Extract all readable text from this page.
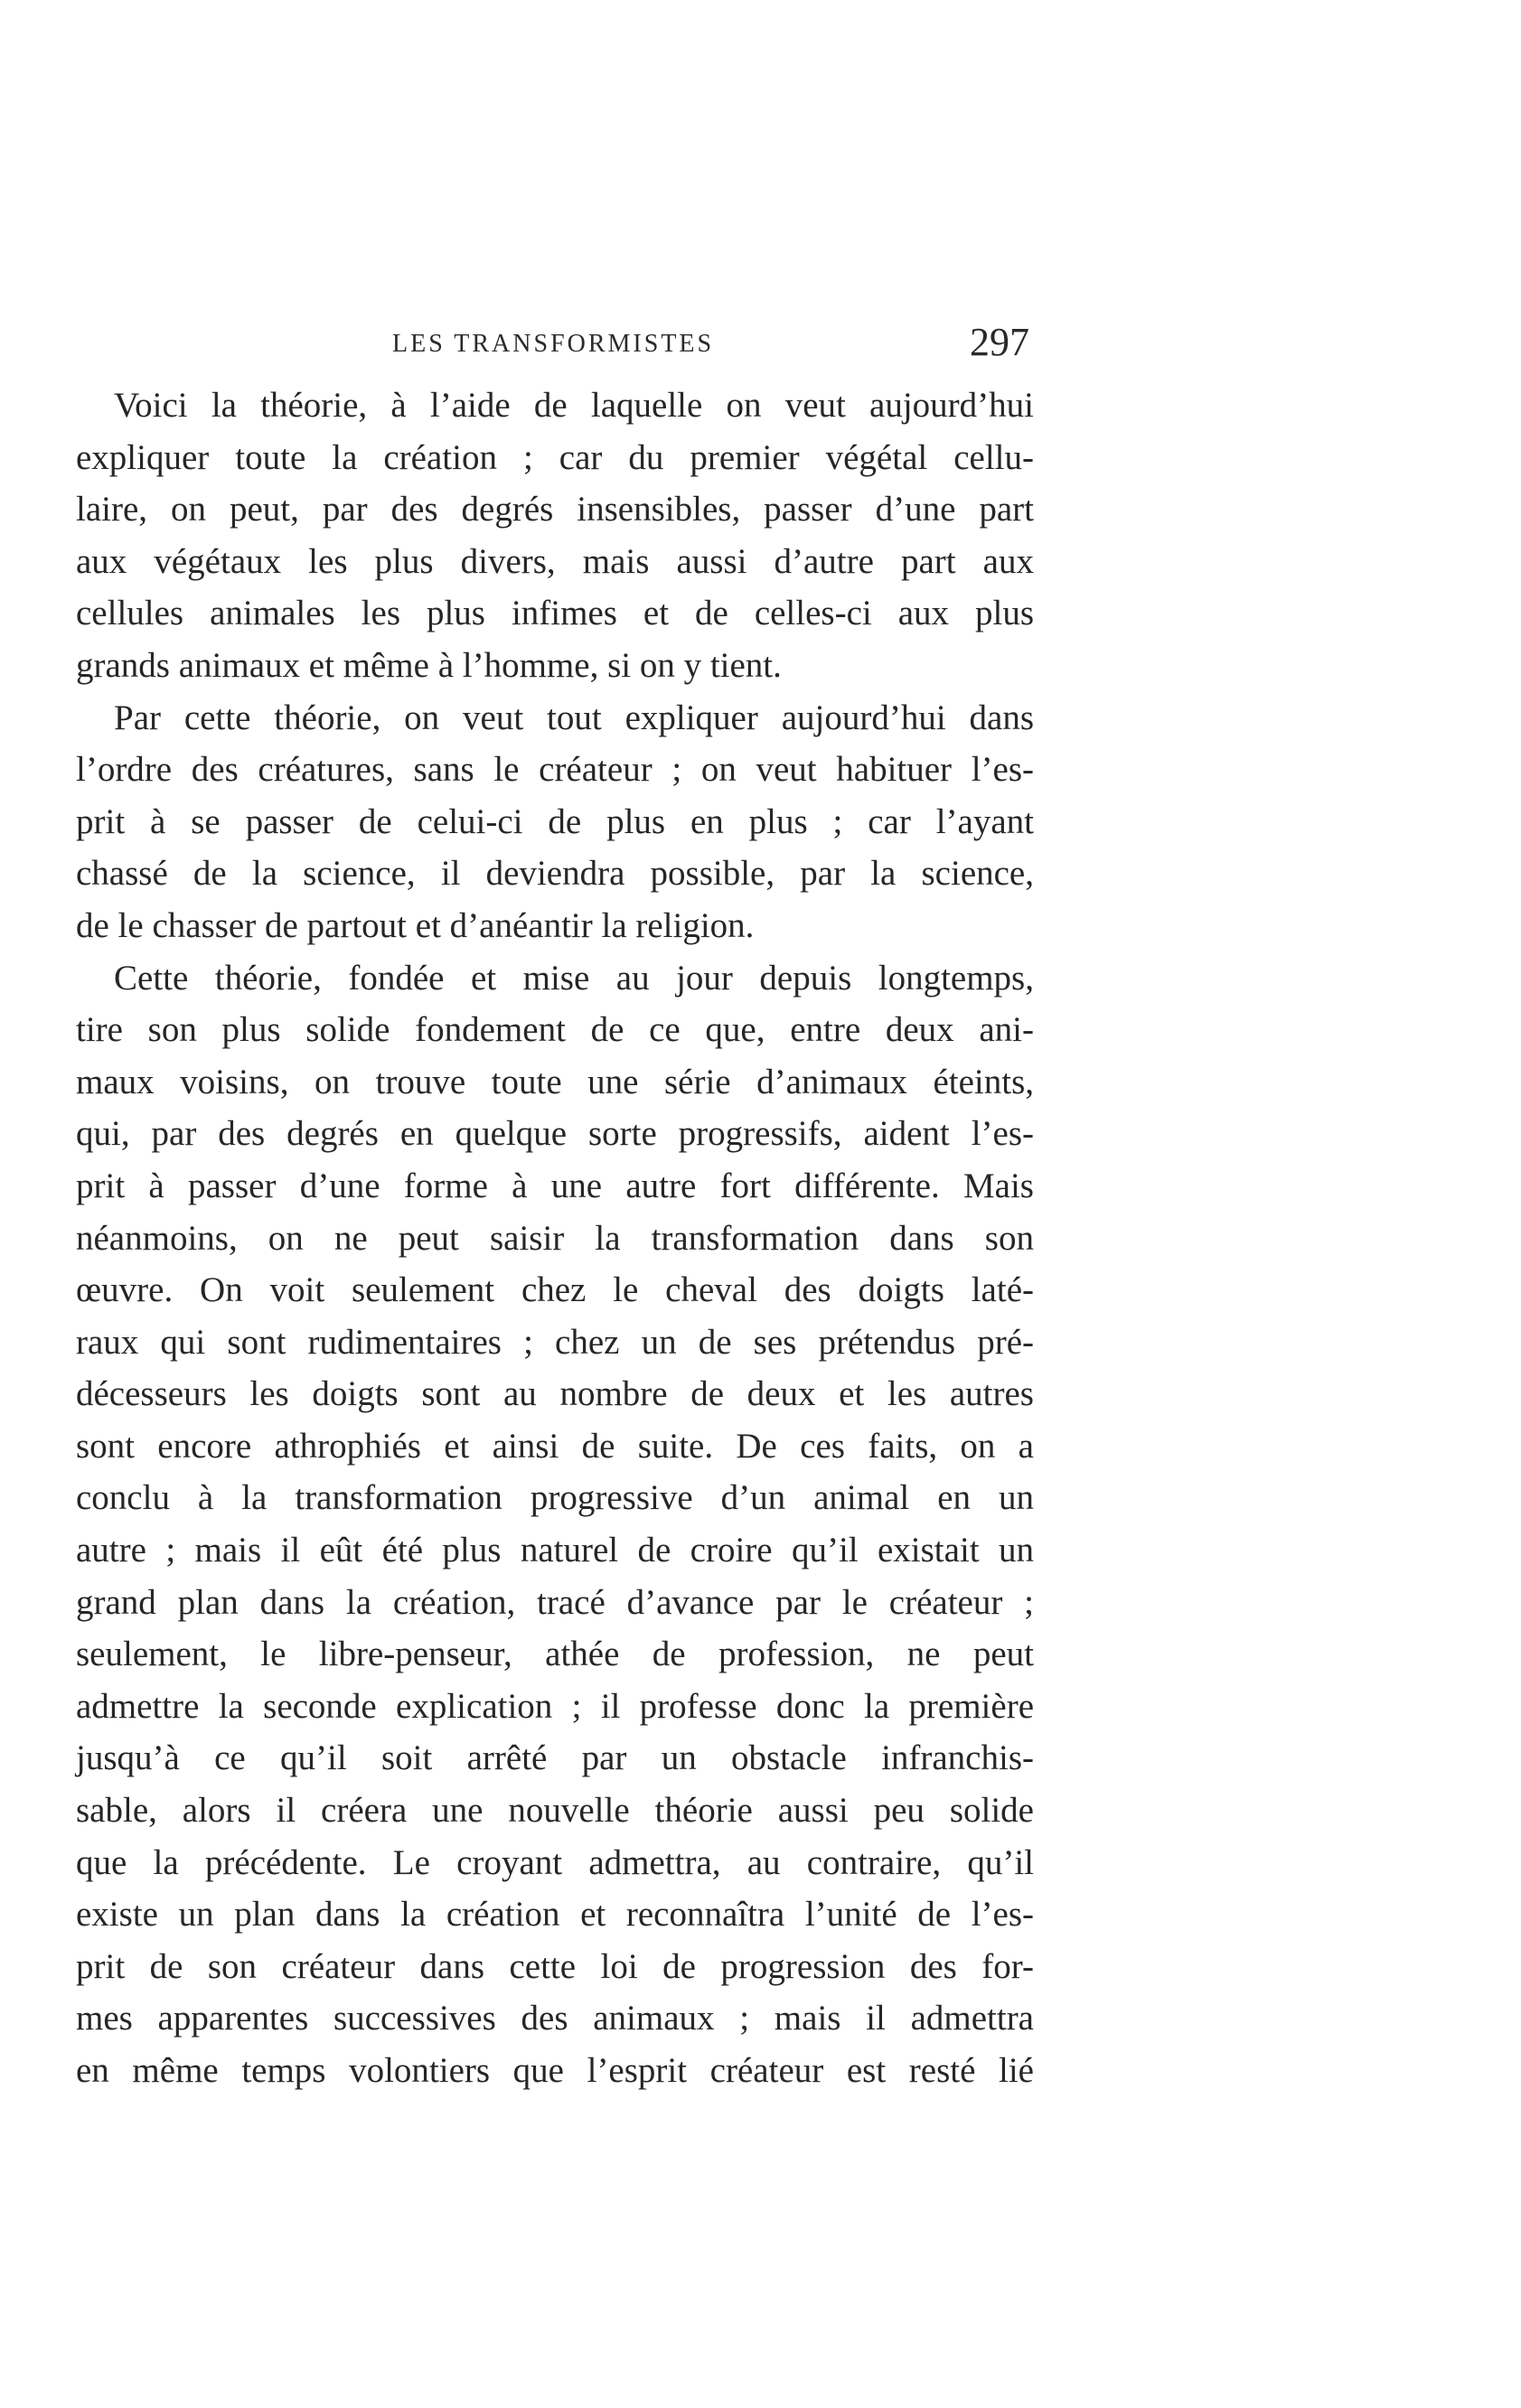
LES TRANSFORMISTES	297
Voici la théorie, à l’aide de laquelle on veut aujourd’hui
expliquer toute la création ; car du premier végétal cellu-
laire, on peut, par des degrés insensibles, passer d’une part
aux végétaux les plus divers, mais aussi d’autre part aux
cellules animales les plus infimes et de celles-ci aux plus
grands animaux et même à l’homme, si on y tient.
Par cette théorie, on veut tout expliquer aujourd’hui dans
l’ordre des créatures, sans le créateur ; on veut habituer l’es-
prit à se passer de celui-ci de plus en plus ; car l’ayant
chassé de la science, il deviendra possible, par la science,
de le chasser de partout et d’anéantir la religion.
Cette théorie, fondée et mise au jour depuis longtemps,
tire son plus solide fondement de ce que, entre deux ani-
maux voisins, on trouve toute une série d’animaux éteints,
qui, par des degrés en quelque sorte progressifs, aident l’es-
prit à passer d’une forme à une autre fort différente. Mais
néanmoins, on ne peut saisir la transformation dans son
œuvre. On voit seulement chez le cheval des doigts laté-
raux qui sont rudimentaires ; chez un de ses prétendus pré-
décesseurs les doigts sont au nombre de deux et les autres
sont encore athrophiés et ainsi de suite. De ces faits, on a
conclu à la transformation progressive d’un animal en un
autre ; mais il eût été plus naturel de croire qu’il existait un
grand plan dans la création, tracé d’avance par le créateur ;
seulement, le libre-penseur, athée de profession, ne peut
admettre la seconde explication ; il professe donc la première
jusqu’à ce qu’il soit arrêté par un obstacle infranchis-
sable, alors il créera une nouvelle théorie aussi peu solide
que la précédente. Le croyant admettra, au contraire, qu’il
existe un plan dans la création et reconnaîtra l’unité de l’es-
prit de son créateur dans cette loi de progression des for-
mes apparentes successives des animaux ; mais il admettra
en même temps volontiers que l’esprit créateur est resté lié
